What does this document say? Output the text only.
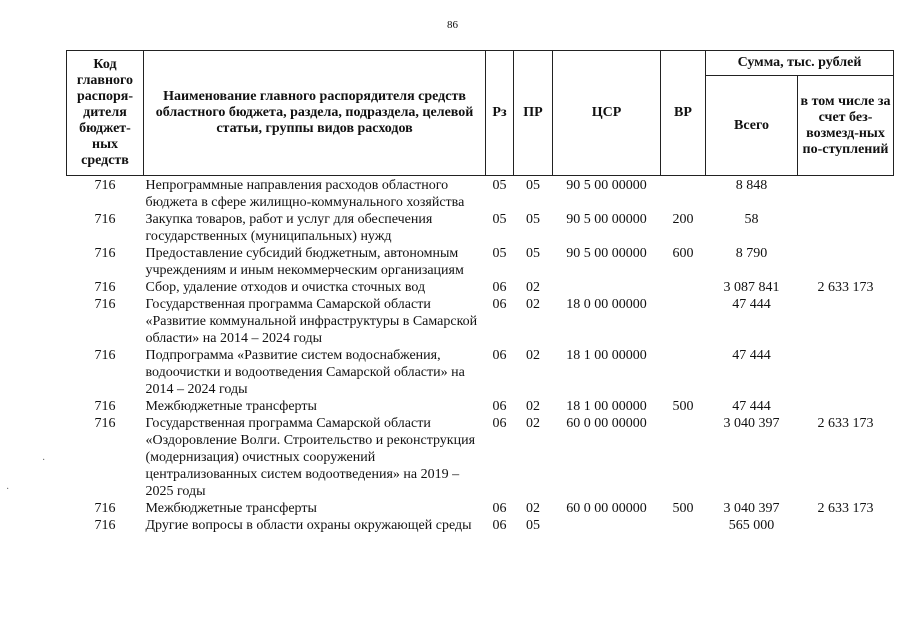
86
Код главного распоря-дителя бюджет-ных средств	Наименование главного распорядителя средств областного бюджета, раздела, подраздела, целевой статьи, группы видов расходов	Рз	ПР	ЦСР	ВР	Сумма, тыс. рублей	
						Всего	в том числе за счет без-возмезд-ных по-ступлений
716	Непрограммные направления расходов областного бюджета в сфере жилищно-коммунального хозяйства	05	05	90 5 00 00000		8 848	
716	Закупка товаров, работ и услуг для обеспечения государственных (муниципальных) нужд	05	05	90 5 00 00000	200	58	
716	Предоставление субсидий бюджетным, автономным учреждениям и иным некоммерческим организациям	05	05	90 5 00 00000	600	8 790	
716	Сбор, удаление отходов и очистка сточных вод	06	02			3 087 841	2 633 173
716	Государственная программа Самарской области «Развитие коммунальной инфраструктуры в Самарской области» на 2014 – 2024 годы	06	02	18 0 00 00000		47 444	
716	Подпрограмма «Развитие систем водоснабжения, водоочистки и водоотведения Самарской области» на 2014 – 2024 годы	06	02	18 1 00 00000		47 444	
716	Межбюджетные трансферты	06	02	18 1 00 00000	500	47 444	
716	Государственная программа Самарской области «Оздоровление Волги. Строительство и реконструкция (модернизация) очистных сооружений централизованных систем водоотведения» на 2019 – 2025 годы	06	02	60 0 00 00000		3 040 397	2 633 173
716	Межбюджетные трансферты	06	02	60 0 00 00000	500	3 040 397	2 633 173
716	Другие вопросы в области охраны окружающей среды	06	05			565 000	
·
·
